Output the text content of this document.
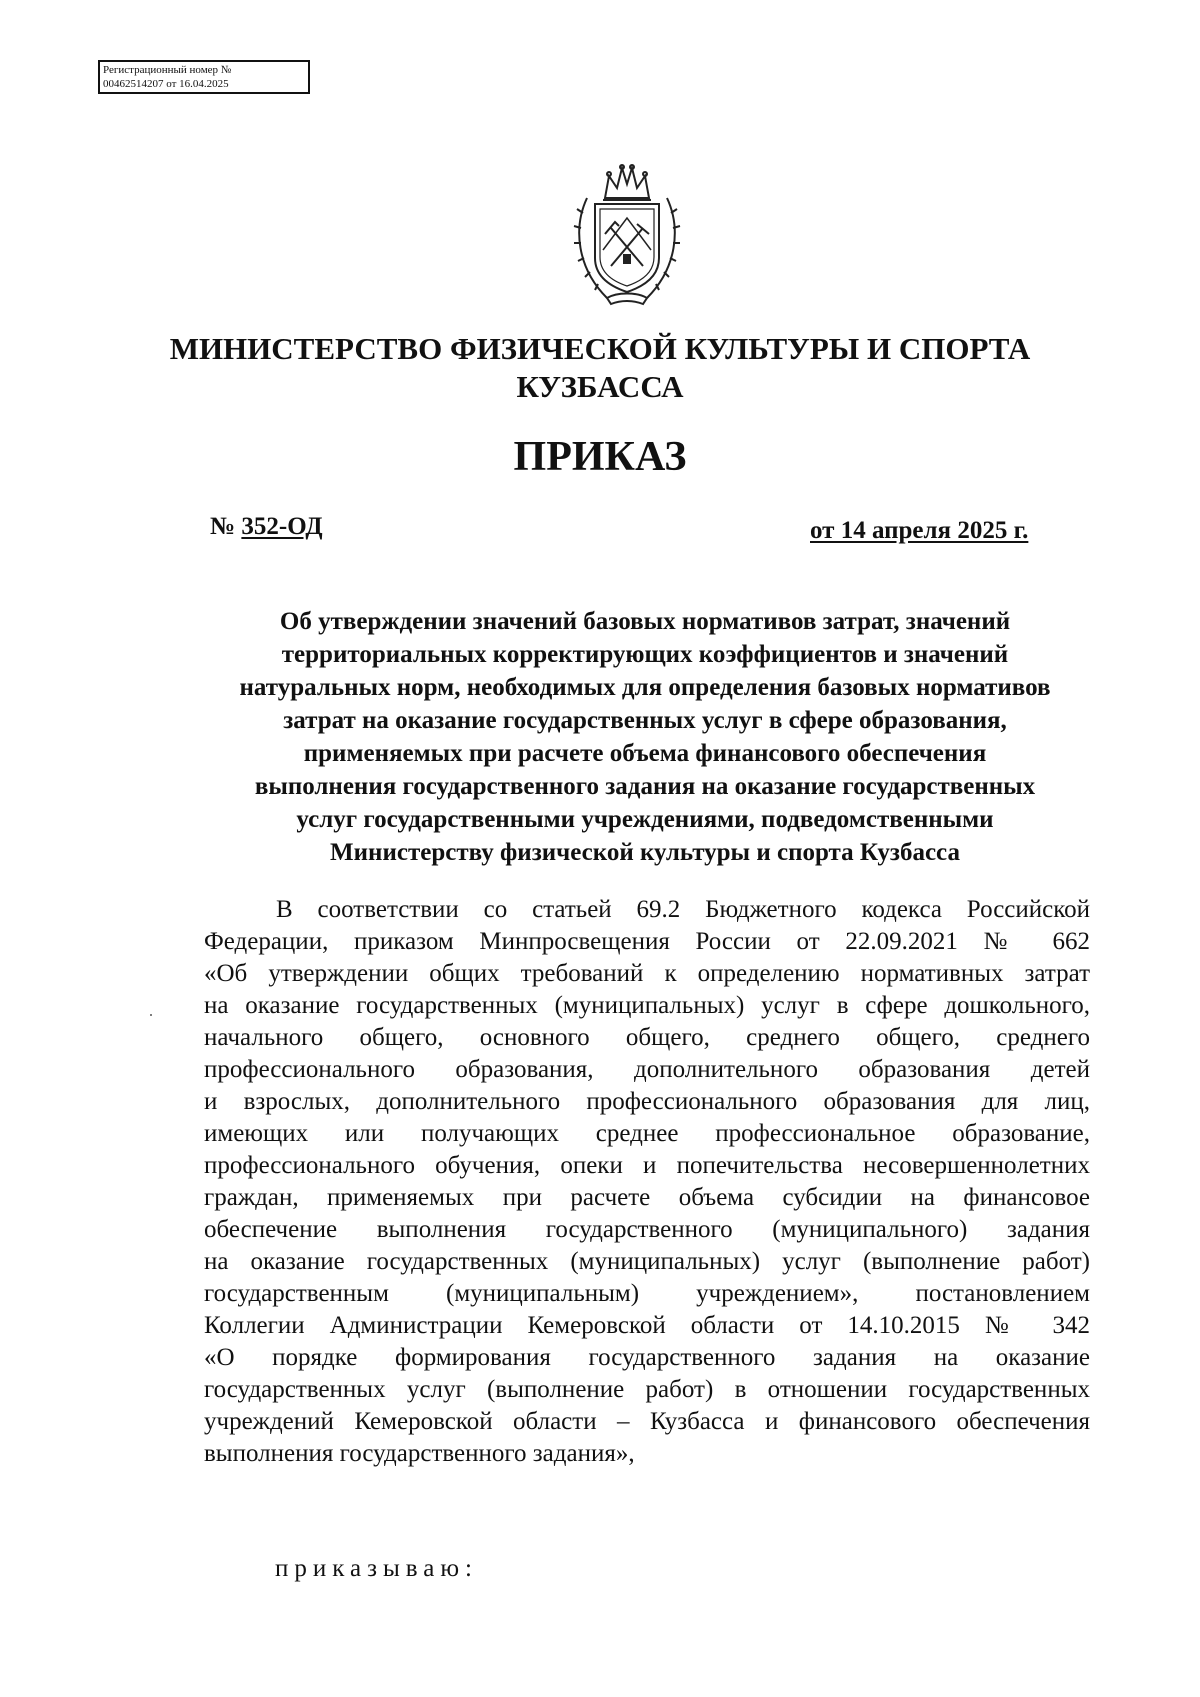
Регистрационный номер №
00462514207 от 16.04.2025
МИНИСТЕРСТВО ФИЗИЧЕСКОЙ КУЛЬТУРЫ И СПОРТА
КУЗБАССА
ПРИКАЗ
№ 352-ОД	от 14 апреля 2025 г.
Об утверждении значений базовых нормативов затрат, значений
территориальных корректирующих коэффициентов и значений
натуральных норм, необходимых для определения базовых нормативов
затрат на оказание государственных услуг в сфере образования,
применяемых при расчете объема финансового обеспечения
выполнения государственного задания на оказание государственных
услуг государственными учреждениями, подведомственными
Министерству физической культуры и спорта Кузбасса
В соответствии со статьей 69.2 Бюджетного кодекса Российской
Федерации, приказом Минпросвещения России от 22.09.2021 № 662
«Об утверждении общих требований к определению нормативных затрат
на оказание государственных (муниципальных) услуг в сфере дошкольного,
начального общего, основного общего, среднего общего, среднего
профессионального образования, дополнительного образования детей
и взрослых, дополнительного профессионального образования для лиц,
имеющих или получающих среднее профессиональное образование,
профессионального обучения, опеки и попечительства несовершеннолетних
граждан, применяемых при расчете объема субсидии на финансовое
обеспечение выполнения государственного (муниципального) задания
на оказание государственных (муниципальных) услуг (выполнение работ)
государственным (муниципальным) учреждением», постановлением
Коллегии Администрации Кемеровской области от 14.10.2015 № 342
«О порядке формирования государственного задания на оказание
государственных услуг (выполнение работ) в отношении государственных
учреждений Кемеровской области – Кузбасса и финансового обеспечения
выполнения государственного задания»,
приказываю:
